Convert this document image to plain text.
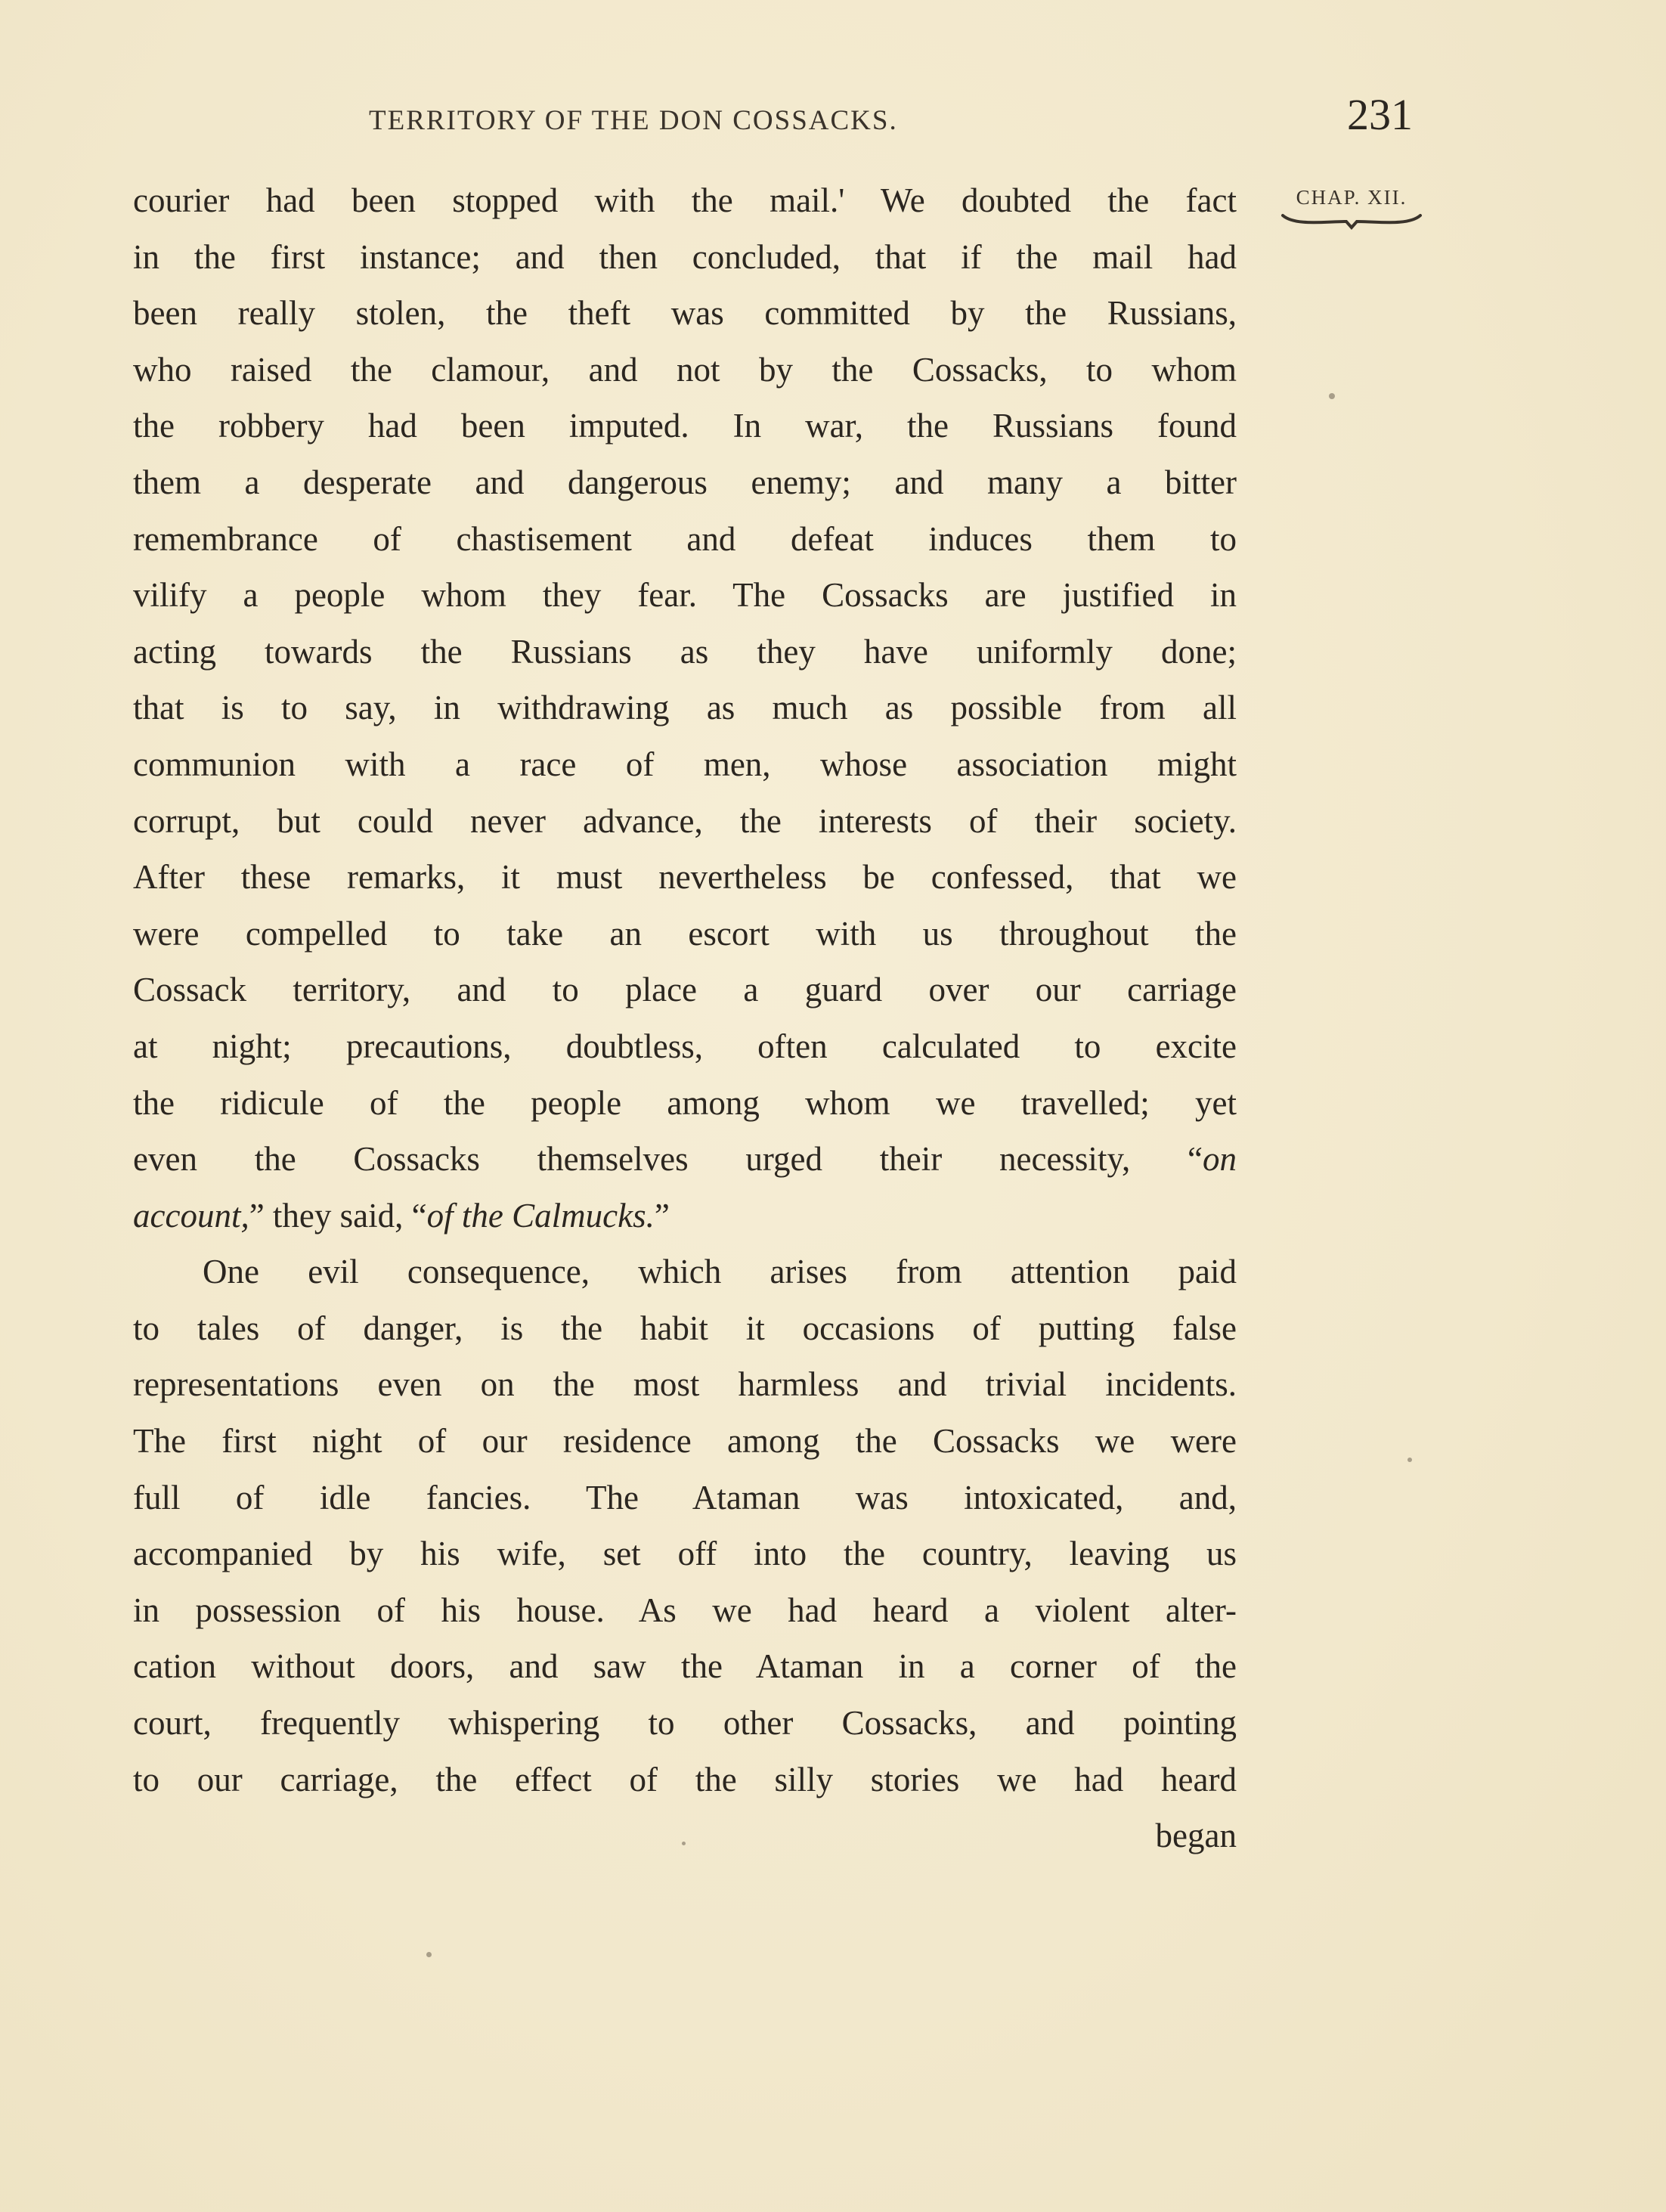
TERRITORY OF THE DON COSSACKS.	231
CHAP. XII.
courier had been stopped with the mail.' We doubted the fact
in the first instance; and then concluded, that if the mail had
been really stolen, the theft was committed by the Russians,
who raised the clamour, and not by the Cossacks, to whom
the robbery had been imputed. In war, the Russians found
them a desperate and dangerous enemy; and many a bitter
remembrance of chastisement and defeat induces them to
vilify a people whom they fear. The Cossacks are justified in
acting towards the Russians as they have uniformly done;
that is to say, in withdrawing as much as possible from all
communion with a race of men, whose association might
corrupt, but could never advance, the interests of their society.
After these remarks, it must nevertheless be confessed, that we
were compelled to take an escort with us throughout the
Cossack territory, and to place a guard over our carriage
at night; precautions, doubtless, often calculated to excite
the ridicule of the people among whom we travelled; yet
even the Cossacks themselves urged their necessity, “on
account,” they said, “of the Calmucks.”
One evil consequence, which arises from attention paid
to tales of danger, is the habit it occasions of putting false
representations even on the most harmless and trivial incidents.
The first night of our residence among the Cossacks we were
full of idle fancies. The Ataman was intoxicated, and,
accompanied by his wife, set off into the country, leaving us
in possession of his house. As we had heard a violent alter-
cation without doors, and saw the Ataman in a corner of the
court, frequently whispering to other Cossacks, and pointing
to our carriage, the effect of the silly stories we had heard
began
